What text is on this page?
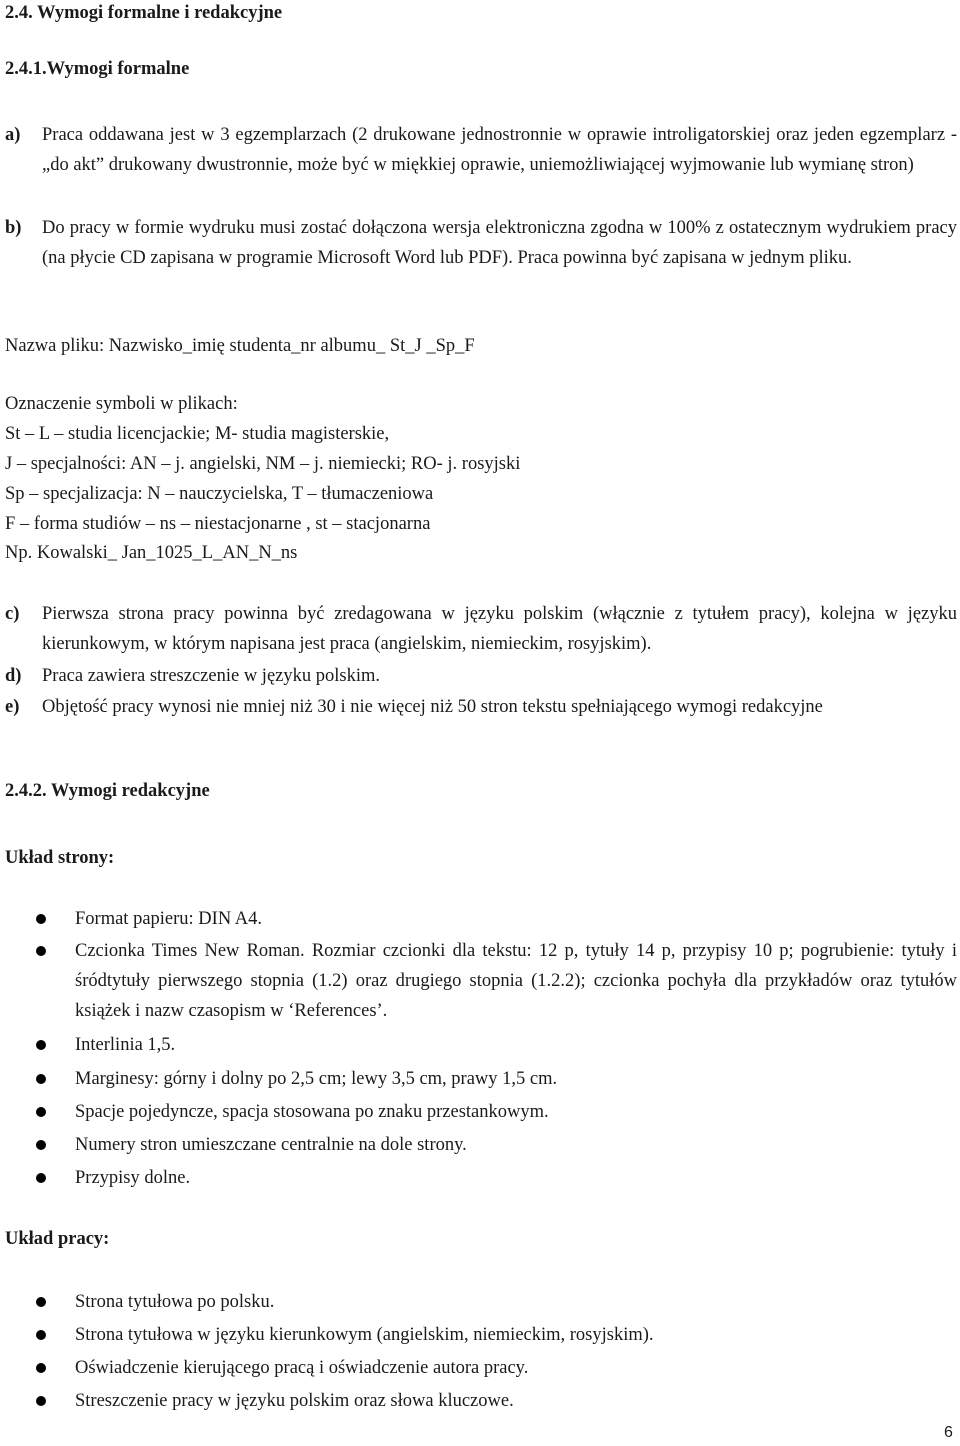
2.4. Wymogi formalne i redakcyjne
2.4.1.Wymogi formalne
a) Praca oddawana jest w 3 egzemplarzach (2 drukowane jednostronnie w oprawie introligatorskiej oraz jeden egzemplarz - „do akt” drukowany dwustronnie, może być w miękkiej oprawie, uniemożliwiającej wyjmowanie lub wymianę stron)
b) Do pracy w formie wydruku musi zostać dołączona wersja elektroniczna zgodna w 100% z ostatecznym wydrukiem pracy (na płycie CD zapisana w programie Microsoft Word lub PDF). Praca powinna być zapisana w jednym pliku.
Nazwa pliku: Nazwisko_imię studenta_nr albumu_ St_J _Sp_F
Oznaczenie symboli w plikach:
St – L – studia licencjackie; M- studia magisterskie,
J – specjalności: AN – j. angielski, NM – j. niemiecki; RO- j. rosyjski
Sp – specjalizacja: N – nauczycielska, T – tłumaczeniowa
F – forma studiów – ns – niestacjonarne , st – stacjonarna
Np. Kowalski_ Jan_1025_L_AN_N_ns
c) Pierwsza strona pracy powinna być zredagowana w języku polskim (włącznie z tytułem pracy), kolejna w języku kierunkowym, w którym napisana jest praca (angielskim, niemieckim, rosyjskim).
d) Praca zawiera streszczenie w języku polskim.
e) Objętość pracy wynosi nie mniej niż 30 i nie więcej niż 50 stron tekstu spełniającego wymogi redakcyjne
2.4.2. Wymogi redakcyjne
Układ strony:
Format papieru: DIN A4.
Czcionka Times New Roman. Rozmiar czcionki dla tekstu: 12 p, tytuły 14 p, przypisy 10 p; pogrubienie: tytuły i śródtytuły pierwszego stopnia (1.2) oraz drugiego stopnia (1.2.2); czcionka pochyła dla przykładów oraz tytułów książek i nazw czasopism w ‘References’.
Interlinia 1,5.
Marginesy: górny i dolny po 2,5 cm; lewy 3,5 cm, prawy 1,5 cm.
Spacje pojedyncze, spacja stosowana po znaku przestankowym.
Numery stron umieszczane centralnie na dole strony.
Przypisy dolne.
Układ pracy:
Strona tytułowa po polsku.
Strona tytułowa w języku kierunkowym (angielskim, niemieckim, rosyjskim).
Oświadczenie kierującego pracą i oświadczenie autora pracy.
Streszczenie pracy w języku polskim oraz słowa kluczowe.
6
